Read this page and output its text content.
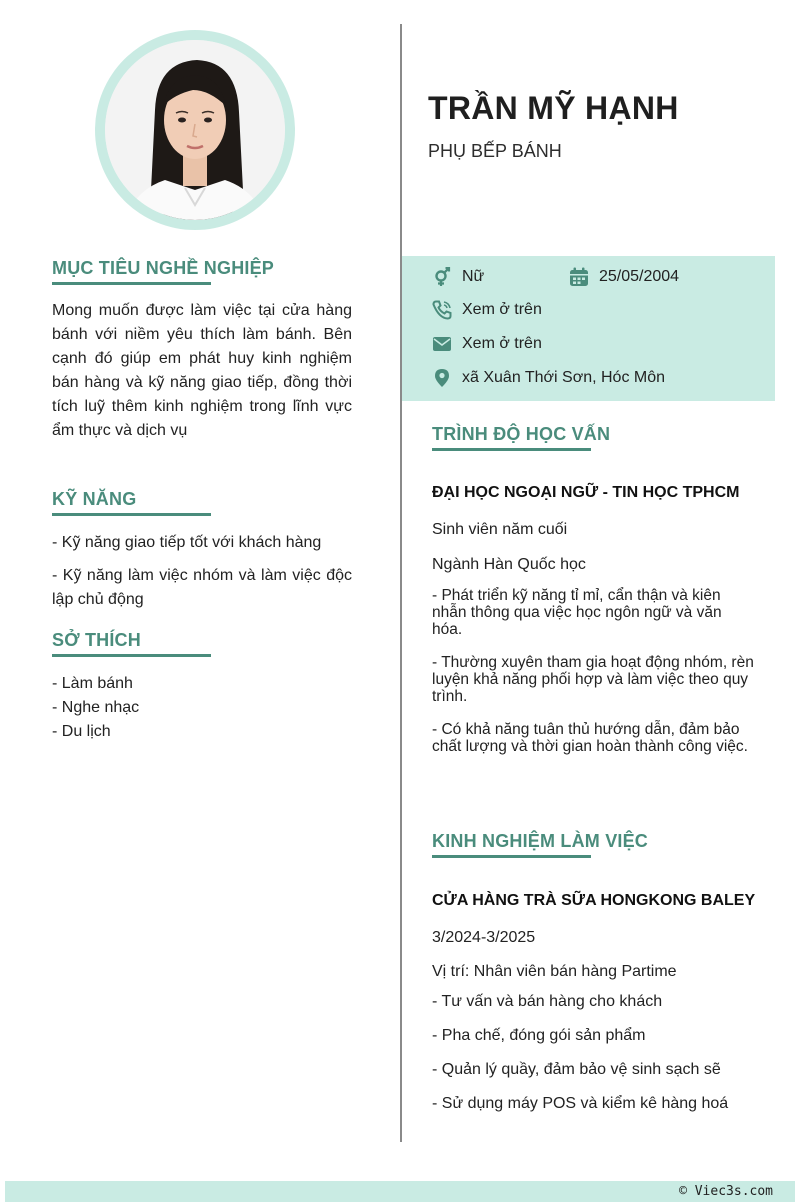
TRẦN MỸ HẠNH
PHỤ BẾP BÁNH
MỤC TIÊU NGHỀ NGHIỆP
Mong muốn được làm việc tại cửa hàng bánh với niềm yêu thích làm bánh. Bên cạnh đó giúp em phát huy kinh nghiệm bán hàng và kỹ năng giao tiếp, đồng thời tích luỹ thêm kinh nghiệm trong lĩnh vực ẩm thực và dịch vụ
KỸ NĂNG
- Kỹ năng giao tiếp tốt với khách hàng
- Kỹ năng làm việc nhóm và làm việc độc lập chủ động
SỞ THÍCH
- Làm bánh
- Nghe nhạc
- Du lịch
Nữ	25/05/2004
Xem ở trên
Xem ở trên
xã Xuân Thới Sơn, Hóc Môn
TRÌNH ĐỘ HỌC VẤN
ĐẠI HỌC NGOẠI NGỮ - TIN HỌC TPHCM
Sinh viên năm cuối
Ngành Hàn Quốc học
- Phát triển kỹ năng tỉ mỉ, cẩn thận và kiên nhẫn thông qua việc học ngôn ngữ và văn hóa.
- Thường xuyên tham gia hoạt động nhóm, rèn luyện khả năng phối hợp và làm việc theo quy trình.
- Có khả năng tuân thủ hướng dẫn, đảm bảo chất lượng và thời gian hoàn thành công việc.
KINH NGHIỆM LÀM VIỆC
CỬA HÀNG TRÀ SỮA HONGKONG BALEY
3/2024-3/2025
Vị trí: Nhân viên bán hàng Partime
- Tư vấn và bán hàng cho khách
- Pha chế, đóng gói sản phẩm
- Quản lý quầy, đảm bảo vệ sinh sạch sẽ
- Sử dụng máy POS và kiểm kê hàng hoá
© Viec3s.com
